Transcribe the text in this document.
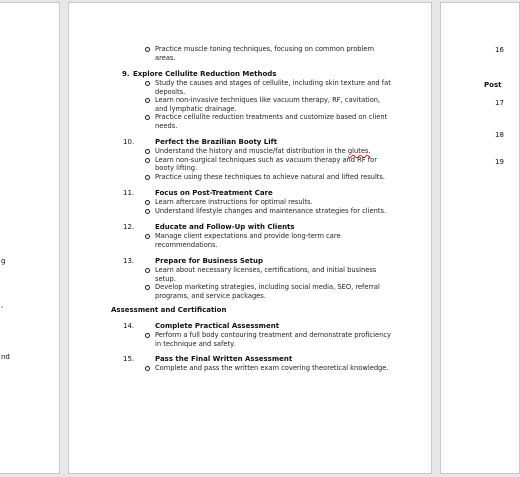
g
,
nd
Practice muscle toning techniques, focusing on common problem areas.
9. Explore Cellulite Reduction Methods
Study the causes and stages of cellulite, including skin texture and fat deposits.
Learn non-invasive techniques like vacuum therapy, RF, cavitation, and lymphatic drainage.
Practice cellulite reduction treatments and customize based on client needs.
10.	Perfect the Brazilian Booty Lift
Understand the history and muscle/fat distribution in the glutes.
Learn non-surgical techniques such as vacuum therapy and RF for booty lifting.
Practice using these techniques to achieve natural and lifted results.
11.	Focus on Post-Treatment Care
Learn aftercare instructions for optimal results.
Understand lifestyle changes and maintenance strategies for clients.
12.	Educate and Follow-Up with Clients
Manage client expectations and provide long-term care recommendations.
13.	Prepare for Business Setup
Learn about necessary licenses, certifications, and initial business setup.
Develop marketing strategies, including social media, SEO, referral programs, and service packages.
Assessment and Certification
14.	Complete Practical Assessment
Perform a full body contouring treatment and demonstrate proficiency in technique and safety.
15.	Pass the Final Written Assessment
Complete and pass the written exam covering theoretical knowledge.
16
Post
17
18
19
